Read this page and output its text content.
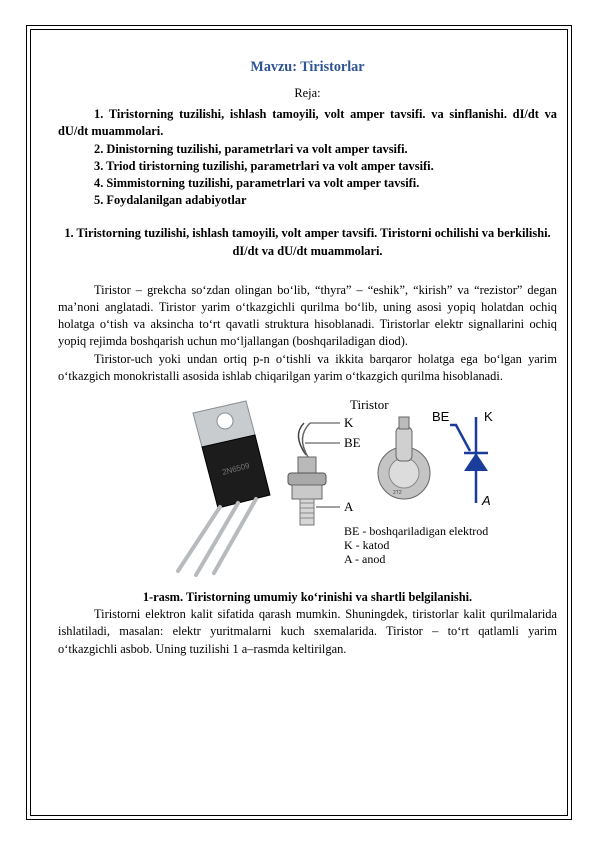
Mavzu: Tiristorlar
Reja:
1. Tiristorning tuzilishi, ishlash tamoyili, volt amper tavsifi. va sinflanishi. dI/dt va dU/dt muammolari.
2. Dinistorning tuzilishi, parametrlari va volt amper tavsifi.
3. Triod tiristorning tuzilishi, parametrlari va volt amper tavsifi.
4. Simmistorning tuzilishi, parametrlari va volt amper tavsifi.
5. Foydalanilgan adabiyotlar
1. Tiristorning tuzilishi, ishlash tamoyili, volt amper tavsifi. Tiristorni ochilishi va berkilishi. dI/dt va dU/dt muammolari.

Tiristor – grekcha so‘zdan olingan bo‘lib, “thyra” – “eshik”, “kirish” va “rezistor” degan ma’noni anglatadi. Tiristor yarim o‘tkazgichli qurilma bo‘lib, uning asosi yopiq holatdan ochiq holatga o‘tish va aksincha to‘rt qavatli struktura hisoblanadi. Tiristorlar elektr signallarini ochiq yopiq rejimda boshqarish uchun mo‘ljallangan (boshqariladigan diod).

Tiristor-uch yoki undan ortiq p-n o‘tishli va ikkita barqaror holatga ega bo‘lgan yarim o‘tkazgich monokristalli asosida ishlab chiqarilgan yarim o‘tkazgich qurilma hisoblanadi.

2N6509
K
BE
A
Tiristor
2T2
BE	K
A
BE - boshqariladigan elektrod
K - katod
A - anod
1-rasm. Tiristorning umumiy ko‘rinishi va shartli belgilanishi.

Tiristorni elektron kalit sifatida qarash mumkin. Shuningdek, tiristorlar kalit qurilmalarida ishlatiladi, masalan: elektr yuritmalarni kuch sxemalarida. Tiristor – to‘rt qatlamli yarim o‘tkazgichli asbob. Uning tuzilishi 1 a–rasmda keltirilgan.
